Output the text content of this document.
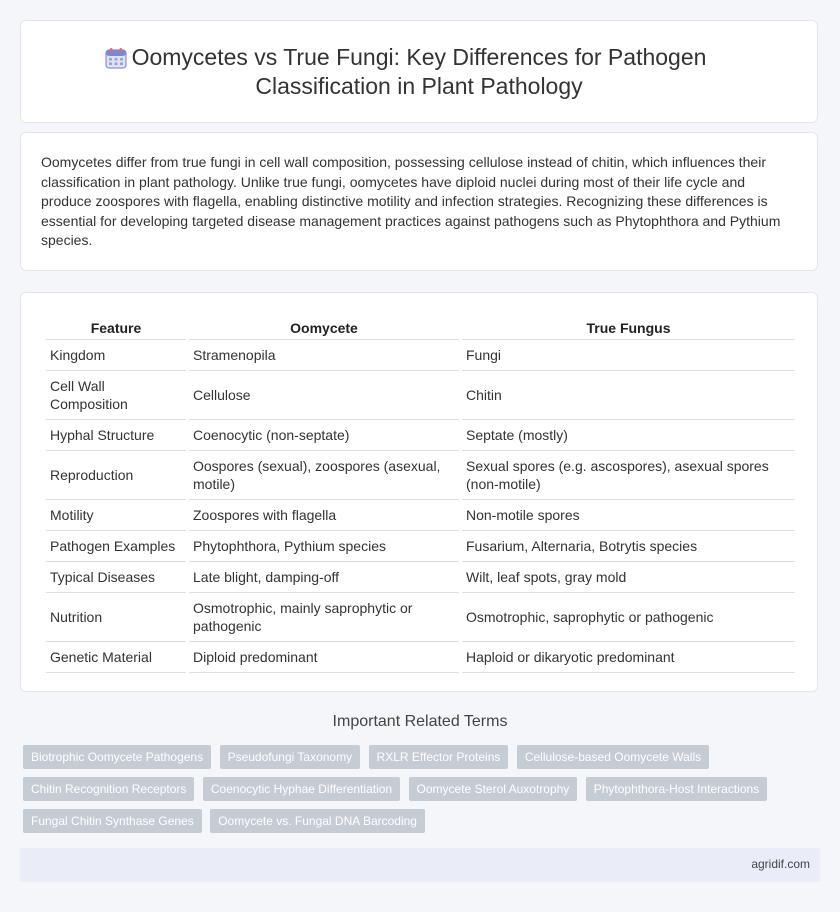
Oomycetes vs True Fungi: Key Differences for Pathogen Classification in Plant Pathology

Oomycetes differ from true fungi in cell wall composition, possessing cellulose instead of chitin, which influences their classification in plant pathology. Unlike true fungi, oomycetes have diploid nuclei during most of their life cycle and produce zoospores with flagella, enabling distinctive motility and infection strategies. Recognizing these differences is essential for developing targeted disease management practices against pathogens such as Phytophthora and Pythium species.

Feature	Oomycete	True Fungus
Kingdom	Stramenopila	Fungi
Cell Wall Composition	Cellulose	Chitin
Hyphal Structure	Coenocytic (non-septate)	Septate (mostly)
Reproduction	Oospores (sexual), zoospores (asexual, motile)	Sexual spores (e.g. ascospores), asexual spores (non-motile)
Motility	Zoospores with flagella	Non-motile spores
Pathogen Examples	Phytophthora, Pythium species	Fusarium, Alternaria, Botrytis species
Typical Diseases	Late blight, damping-off	Wilt, leaf spots, gray mold
Nutrition	Osmotrophic, mainly saprophytic or pathogenic	Osmotrophic, saprophytic or pathogenic
Genetic Material	Diploid predominant	Haploid or dikaryotic predominant
Important Related Terms
Biotrophic Oomycete Pathogens Pseudofungi Taxonomy RXLR Effector Proteins Cellulose-based Oomycete Walls Chitin Recognition Receptors Coenocytic Hyphae Differentiation Oomycete Sterol Auxotrophy Phytophthora-Host Interactions Fungal Chitin Synthase Genes Oomycete vs. Fungal DNA Barcoding
agridif.com
